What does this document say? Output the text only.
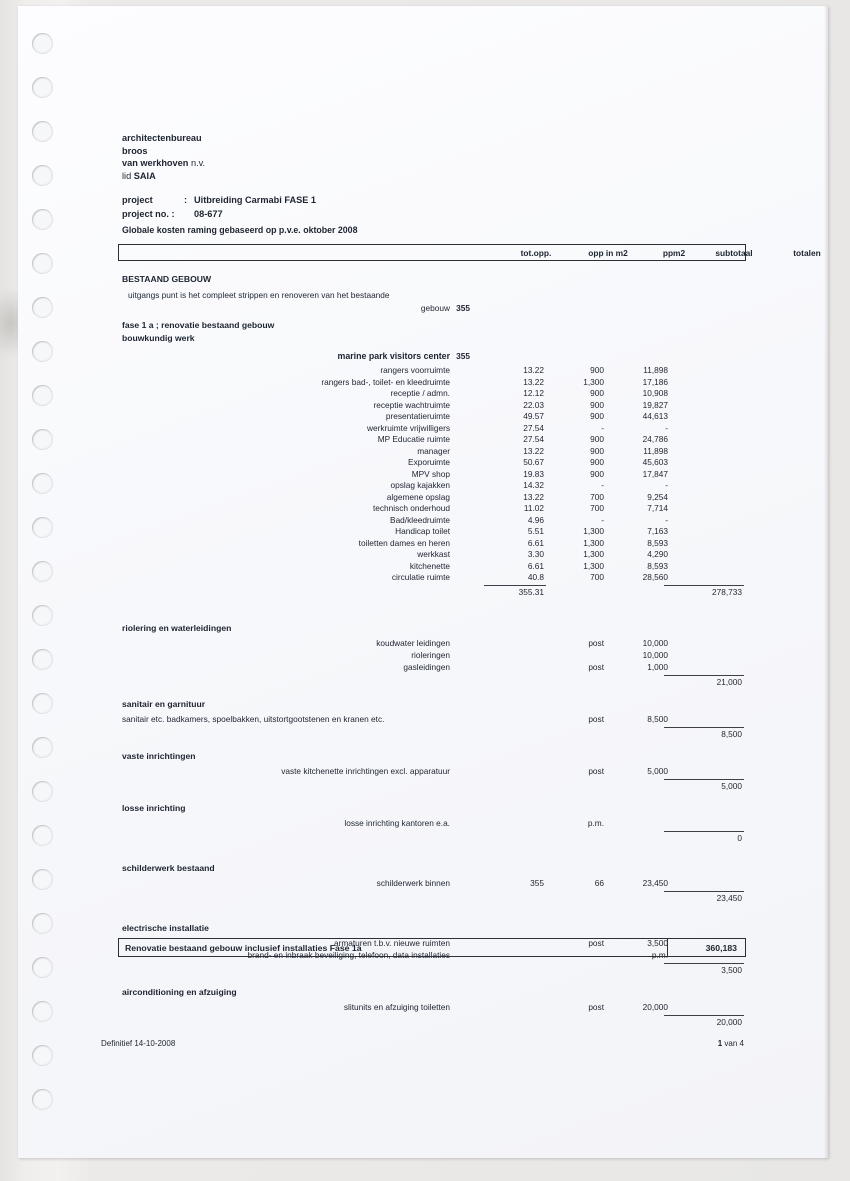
architectenbureau
broos
van werkhoven n.v.
lid SAIA
project	: Uitbreiding Carmabi FASE 1
project no. : 08-677
Globale kosten raming gebaseerd op p.v.e. oktober 2008
tot.opp.	opp in m2	ppm2	subtotaal	totalen
BESTAAND GEBOUW
uitgangs punt is het compleet strippen en renoveren van het bestaande
gebouw 355
fase 1 a ; renovatie bestaand gebouw
bouwkundig werk
marine park visitors center 355
rangers voorruimte	13.22	900	11,898
rangers bad-, toilet- en kleedruimte	13.22	1,300	17,186
receptie / admn.	12.12	900	10,908
receptie wachtruimte	22.03	900	19,827
presentatieruimte	49.57	900	44,613
werkruimte vrijwilligers	27.54	-	-
MP Educatie ruimte	27.54	900	24,786
manager	13.22	900	11,898
Exporuimte	50.67	900	45,603
MPV shop	19.83	900	17,847
opslag kajakken	14.32	-	-
algemene opslag	13.22	700	9,254
technisch onderhoud	11.02	700	7,714
Bad/kleedruimte	4.96	-	-
Handicap toilet	5.51	1,300	7,163
toiletten dames en heren	6.61	1,300	8,593
werkkast	3.30	1,300	4,290
kitchenette	6.61	1,300	8,593
circulatie ruimte	40.8	700	28,560
355.31	278,733
riolering en waterleidingen
koudwater leidingen	post	10,000
rioleringen	10,000
gasleidingen	post	1,000
21,000
sanitair en garnituur
sanitair etc. badkamers, spoelbakken, uitstortgootstenen en kranen etc.	post	8,500
8,500
vaste inrichtingen
vaste kitchenette inrichtingen excl. apparatuur	post	5,000
5,000
losse inrichting
losse inrichting kantoren e.a.	p.m.
0
schilderwerk bestaand
schilderwerk binnen	355	66	23,450
23,450
electrische installatie
armaturen t.b.v. nieuwe ruimten	post	3,500
brand- en inbraak beveiliging, telefoon, data installaties	p.m.
3,500
airconditioning en afzuiging
slitunits en afzuiging toiletten	post	20,000
20,000
Renovatie bestaand gebouw inclusief installaties Fase 1a	360,183
Definitief 14-10-2008	1 van 4
